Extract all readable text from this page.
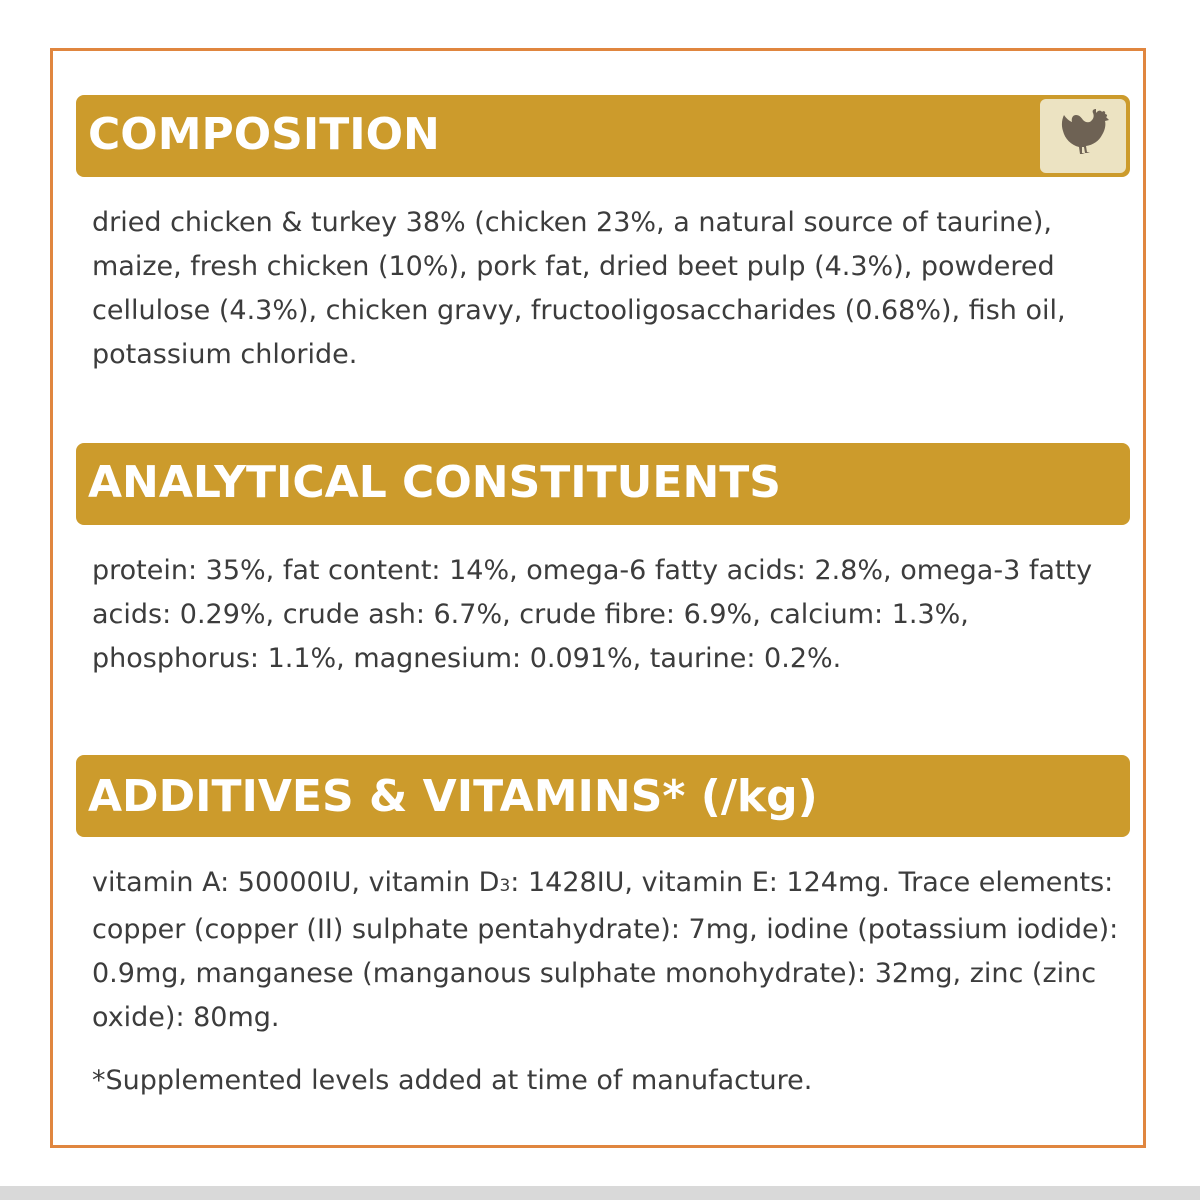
COMPOSITION

dried chicken & turkey 38% (chicken 23%, a natural source of taurine), maize, fresh chicken (10%), pork fat, dried beet pulp (4.3%), powdered cellulose (4.3%), chicken gravy, fructooligosaccharides (0.68%), fish oil, potassium chloride.

ANALYTICAL CONSTITUENTS

protein: 35%, fat content: 14%, omega-6 fatty acids: 2.8%, omega-3 fatty acids: 0.29%, crude ash: 6.7%, crude fibre: 6.9%, calcium: 1.3%, phosphorus: 1.1%, magnesium: 0.091%, taurine: 0.2%.

ADDITIVES & VITAMINS* (/kg)

vitamin A: 50000IU, vitamin D3: 1428IU, vitamin E: 124mg. Trace elements: copper (copper (II) sulphate pentahydrate): 7mg, iodine (potassium iodide): 0.9mg, manganese (manganous sulphate monohydrate): 32mg, zinc (zinc oxide): 80mg.

*Supplemented levels added at time of manufacture.
